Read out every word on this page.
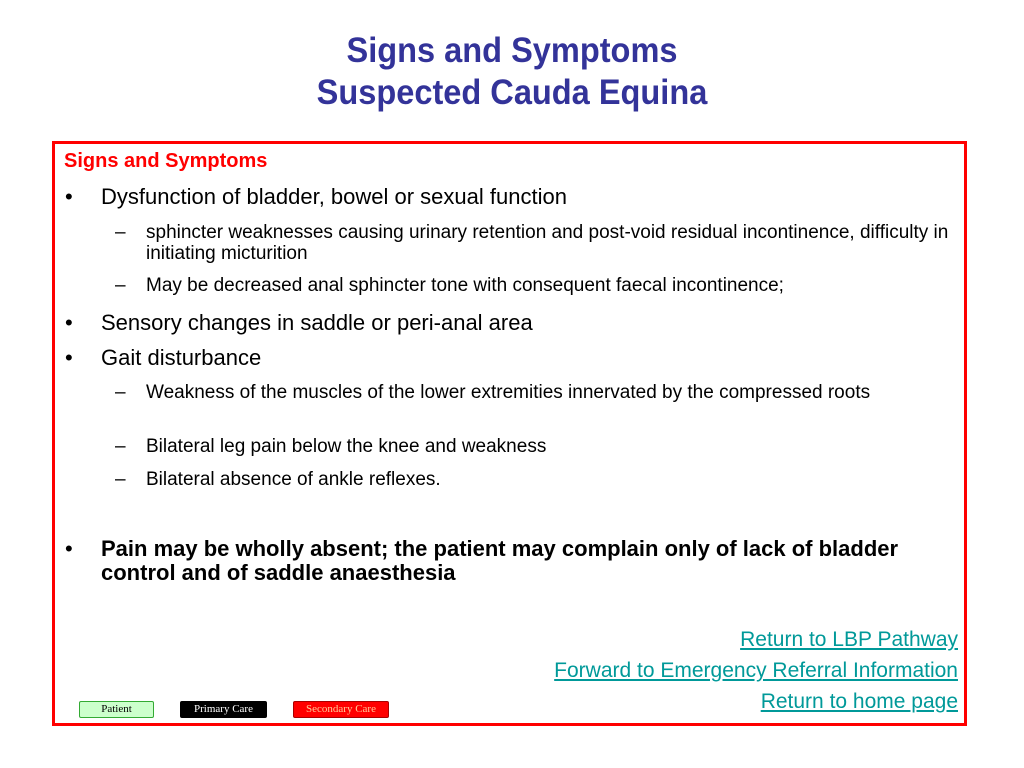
Signs and Symptoms
Suspected Cauda Equina
Signs and Symptoms
• Dysfunction of bladder, bowel or sexual function
– sphincter weaknesses causing urinary retention and post-void residual incontinence, difficulty in initiating micturition
– May be decreased anal sphincter tone with consequent faecal incontinence;
• Sensory changes in saddle or peri-anal area
• Gait disturbance
– Weakness of the muscles of the lower extremities innervated by the compressed roots
– Bilateral leg pain below the knee and weakness
– Bilateral absence of ankle reflexes.
• Pain may be wholly absent; the patient may complain only of lack of bladder control and of saddle anaesthesia
Return to LBP Pathway
Forward to Emergency Referral Information
Return to home page
Patient	Primary Care	Secondary Care
